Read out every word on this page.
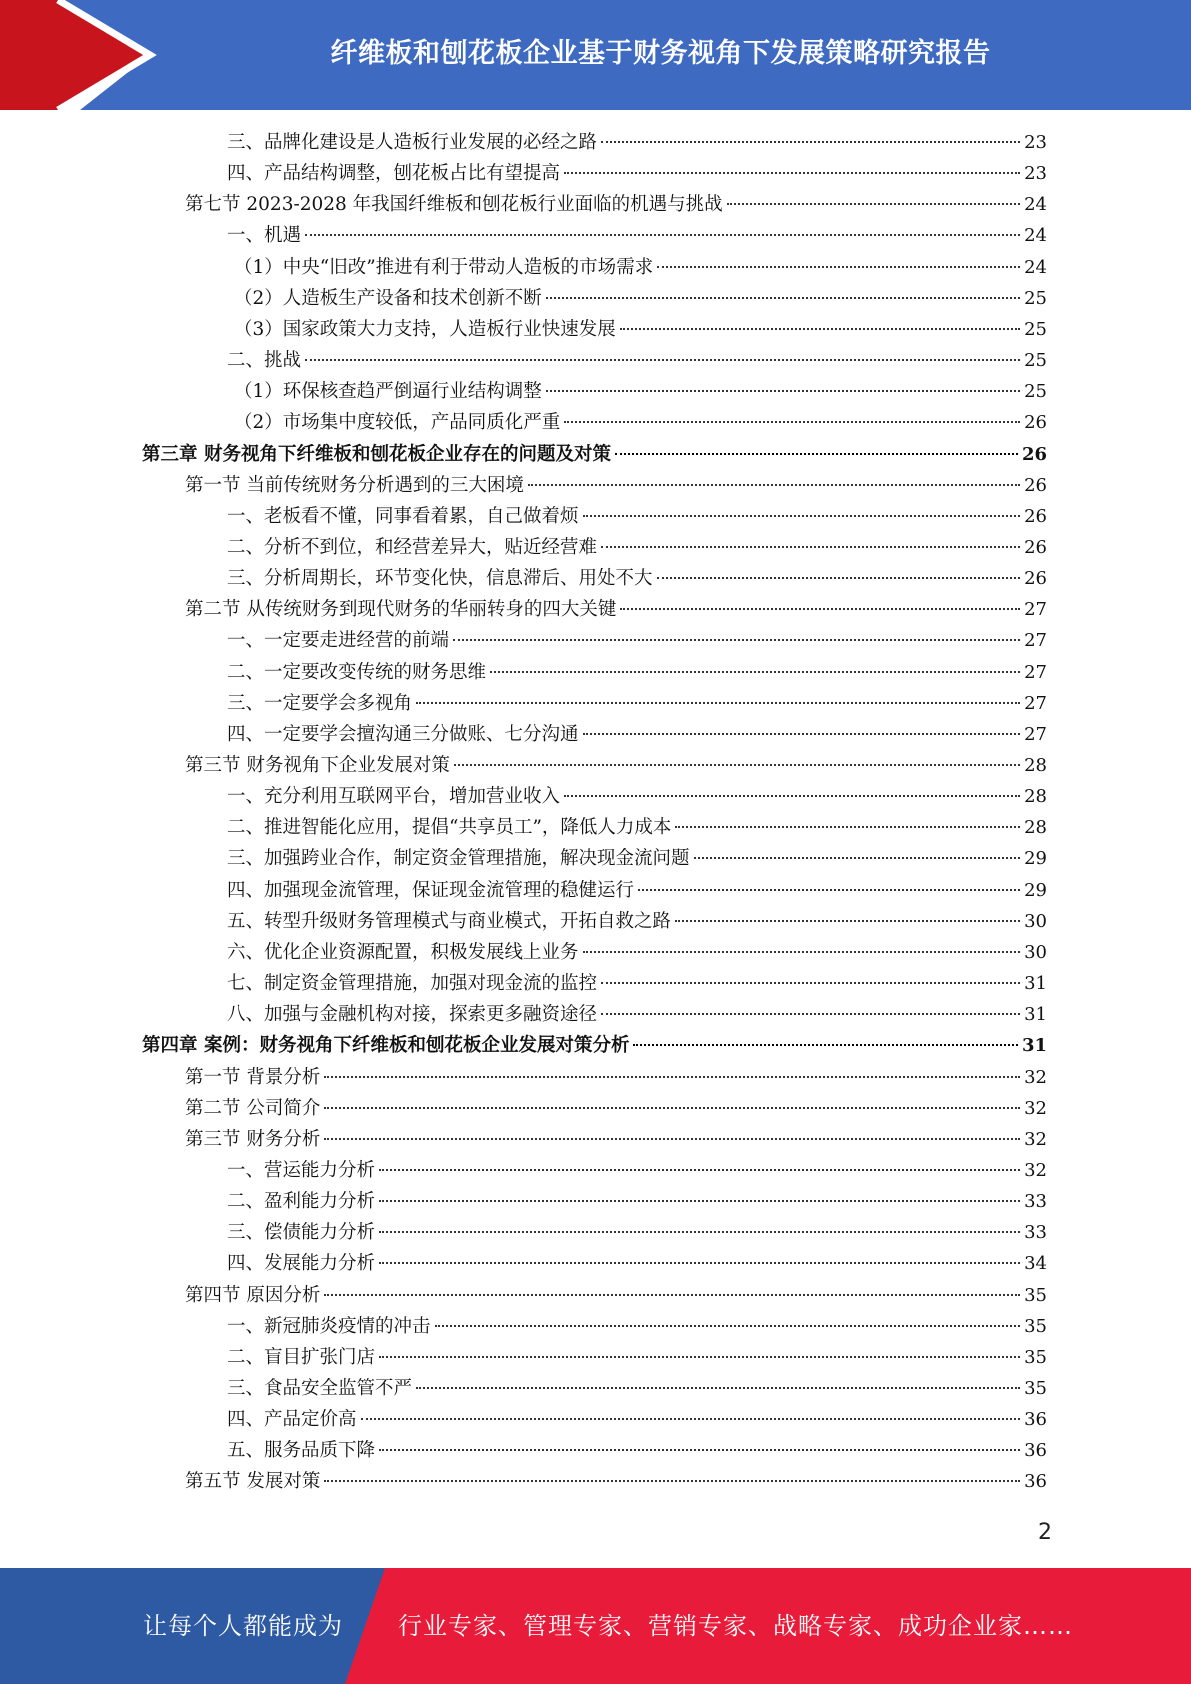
纤维板和刨花板企业基于财务视角下发展策略研究报告
三、品牌化建设是人造板行业发展的必经之路	23
四、产品结构调整，刨花板占比有望提高	23
第七节 2023-2028 年我国纤维板和刨花板行业面临的机遇与挑战	24
一、机遇	24
（1）中央“旧改”推进有利于带动人造板的市场需求	24
（2）人造板生产设备和技术创新不断	25
（3）国家政策大力支持，人造板行业快速发展	25
二、挑战	25
（1）环保核查趋严倒逼行业结构调整	25
（2）市场集中度较低，产品同质化严重	26
第三章 财务视角下纤维板和刨花板企业存在的问题及对策	26
第一节 当前传统财务分析遇到的三大困境	26
一、老板看不懂，同事看着累，自己做着烦	26
二、分析不到位，和经营差异大，贴近经营难	26
三、分析周期长，环节变化快，信息滞后、用处不大	26
第二节 从传统财务到现代财务的华丽转身的四大关键	27
一、一定要走进经营的前端	27
二、一定要改变传统的财务思维	27
三、一定要学会多视角	27
四、一定要学会擅沟通三分做账、七分沟通	27
第三节 财务视角下企业发展对策	28
一、充分利用互联网平台，增加营业收入	28
二、推进智能化应用，提倡“共享员工”，降低人力成本	28
三、加强跨业合作，制定资金管理措施，解决现金流问题	29
四、加强现金流管理，保证现金流管理的稳健运行	29
五、转型升级财务管理模式与商业模式，开拓自救之路	30
六、优化企业资源配置，积极发展线上业务	30
七、制定资金管理措施，加强对现金流的监控	31
八、加强与金融机构对接，探索更多融资途径	31
第四章 案例：财务视角下纤维板和刨花板企业发展对策分析	31
第一节 背景分析	32
第二节 公司简介	32
第三节 财务分析	32
一、营运能力分析	32
二、盈利能力分析	33
三、偿债能力分析	33
四、发展能力分析	34
第四节 原因分析	35
一、新冠肺炎疫情的冲击	35
二、盲目扩张门店	35
三、食品安全监管不严	35
四、产品定价高	36
五、服务品质下降	36
第五节 发展对策	36
2
让每个人都能成为 行业专家、管理专家、营销专家、战略专家、成功企业家……
